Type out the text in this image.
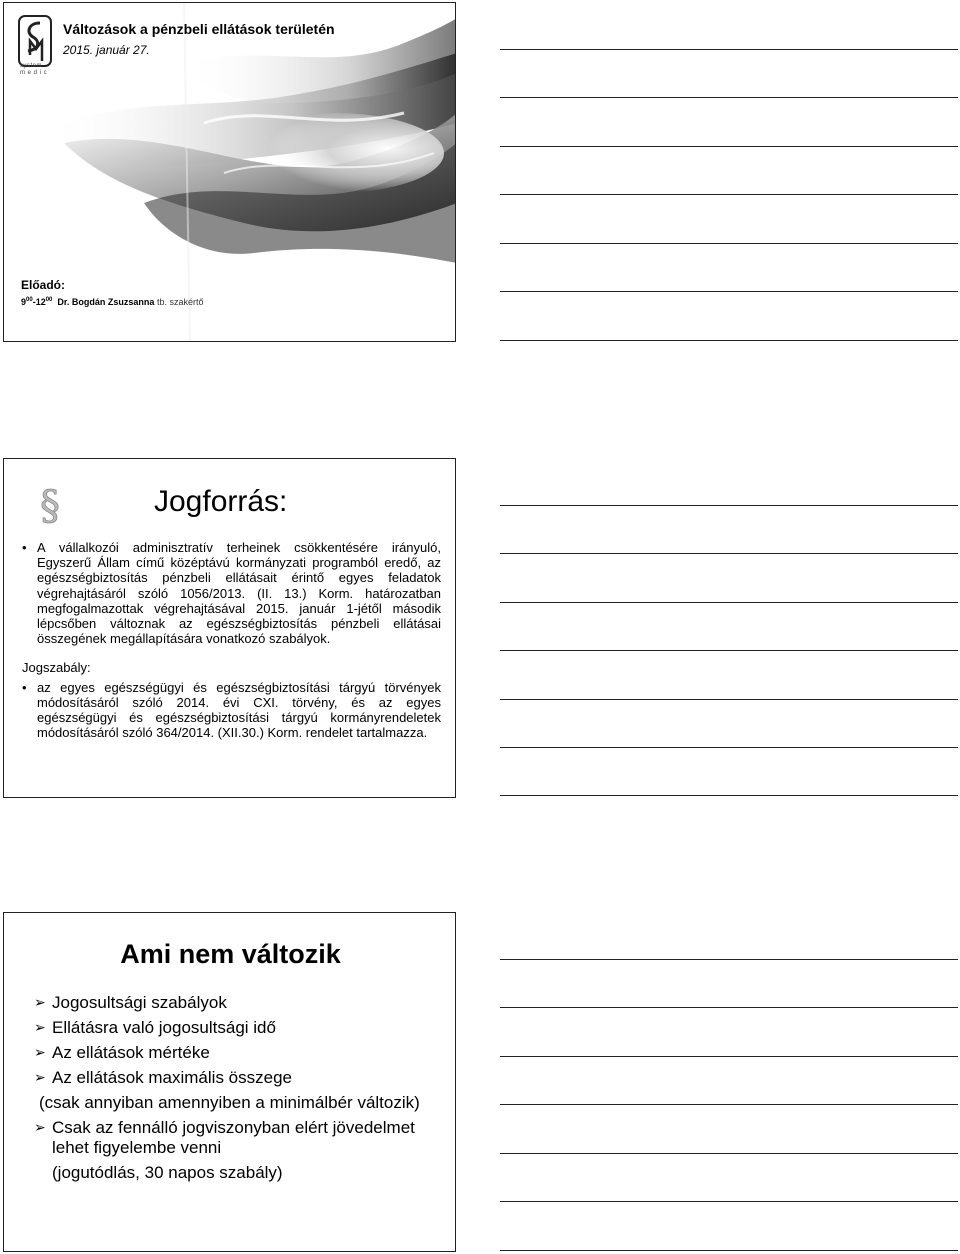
system
m e d i c
Változások a pénzbeli ellátások területén
2015. január 27.
Előadó:
$9^{00}-12^{00}$ Dr. Bogdán Zsuzsanna tb. szakértő
§	Jogforrás:
• A vállalkozói adminisztratív terheinek csökkentésére irányuló, Egyszerű Állam című középtávú kormányzati programból eredő, az egészségbiztosítás pénzbeli ellátásait érintő egyes feladatok végrehajtásáról szóló 1056/2013. (II. 13.) Korm. határozatban megfogalmazottak végrehajtásával 2015. január 1-jétől második lépcsőben változnak az egészségbiztosítás pénzbeli ellátásai összegének megállapítására vonatkozó szabályok.
Jogszabály:
• az egyes egészségügyi és egészségbiztosítási tárgyú törvények módosításáról szóló 2014. évi CXI. törvény, és az egyes egészségügyi és egészségbiztosítási tárgyú kormányrendeletek módosításáról szóló 364/2014. (XII.30.) Korm. rendelet tartalmazza.
Ami nem változik
➢ Jogosultsági szabályok
➢ Ellátásra való jogosultsági idő
➢ Az ellátások mértéke
➢ Az ellátások maximális összege
(csak annyiban amennyiben a minimálbér változik)
➢ Csak az fennálló jogviszonyban elért jövedelmet lehet figyelembe venni
(jogutódlás, 30 napos szabály)
